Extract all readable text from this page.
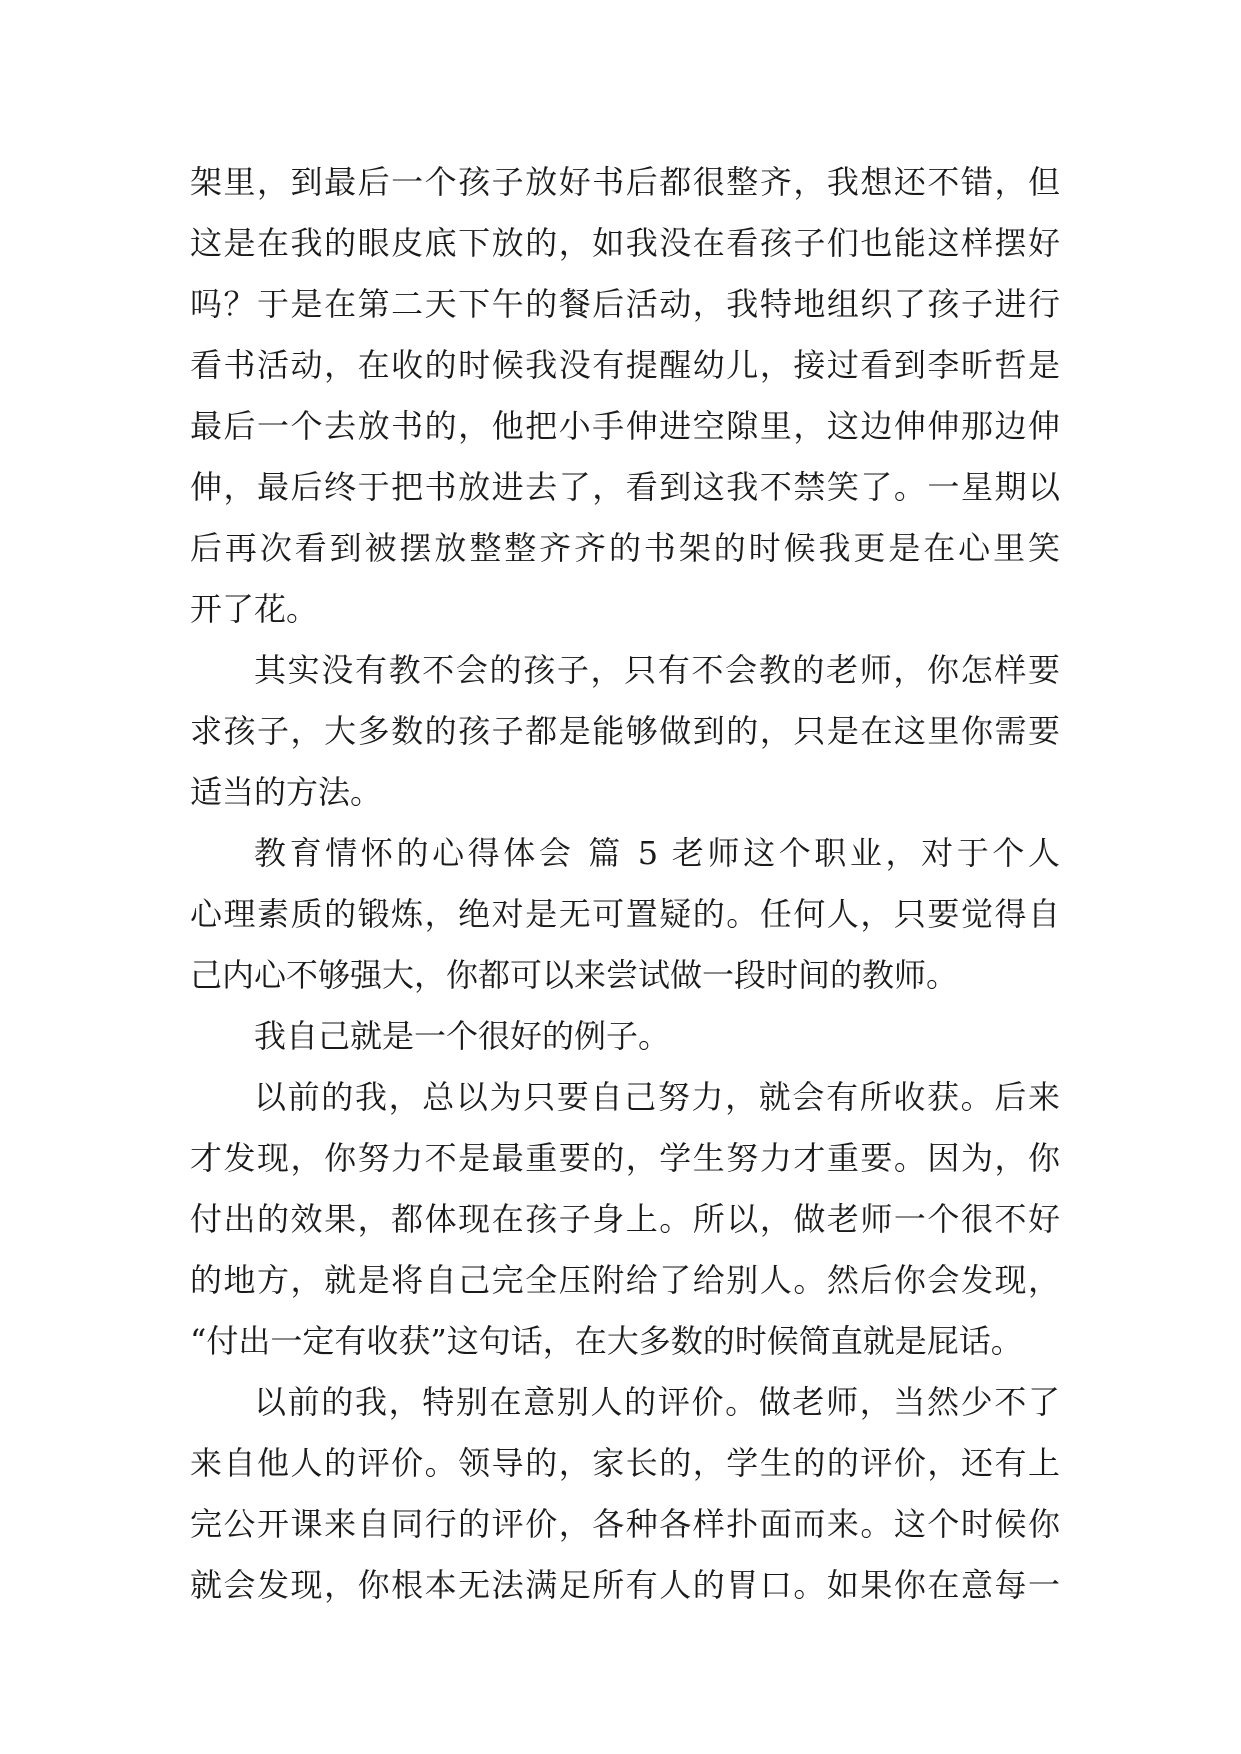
架里，到最后一个孩子放好书后都很整齐，我想还不错，但
这是在我的眼皮底下放的，如我没在看孩子们也能这样摆好
吗？于是在第二天下午的餐后活动，我特地组织了孩子进行
看书活动，在收的时候我没有提醒幼儿，接过看到李昕哲是
最后一个去放书的，他把小手伸进空隙里，这边伸伸那边伸
伸，最后终于把书放进去了，看到这我不禁笑了。一星期以
后再次看到被摆放整整齐齐的书架的时候我更是在心里笑
开了花。
其实没有教不会的孩子，只有不会教的老师，你怎样要
求孩子，大多数的孩子都是能够做到的，只是在这里你需要
适当的方法。
教育情怀的心得体会 篇 5 老师这个职业，对于个人
心理素质的锻炼，绝对是无可置疑的。任何人，只要觉得自
己内心不够强大，你都可以来尝试做一段时间的教师。
我自己就是一个很好的例子。
以前的我，总以为只要自己努力，就会有所收获。后来
才发现，你努力不是最重要的，学生努力才重要。因为，你
付出的效果，都体现在孩子身上。所以，做老师一个很不好
的地方，就是将自己完全压附给了给别人。然后你会发现，
“付出一定有收获”这句话，在大多数的时候简直就是屁话。
以前的我，特别在意别人的评价。做老师，当然少不了
来自他人的评价。领导的，家长的，学生的的评价，还有上
完公开课来自同行的评价，各种各样扑面而来。这个时候你
就会发现，你根本无法满足所有人的胃口。如果你在意每一
